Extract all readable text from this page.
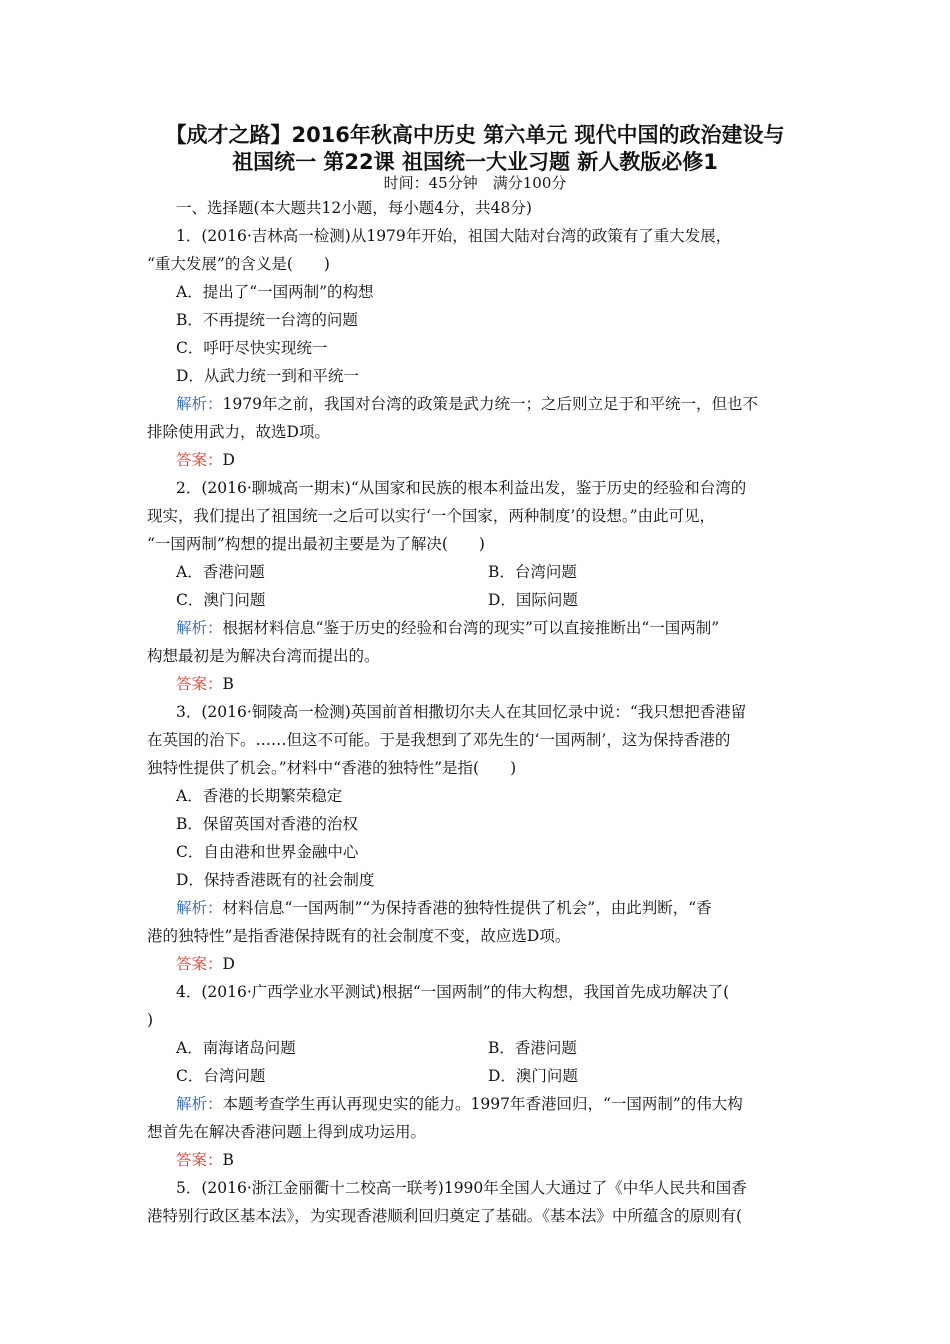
【成才之路】2016年秋高中历史 第六单元 现代中国的政治建设与
祖国统一 第22课 祖国统一大业习题 新人教版必修1
时间：45分钟　满分100分
一、选择题(本大题共12小题，每小题4分，共48分)
1．(2016·吉林高一检测)从1979年开始，祖国大陆对台湾的政策有了重大发展，
“重大发展”的含义是(　　)
A．提出了“一国两制”的构想
B．不再提统一台湾的问题
C．呼吁尽快实现统一
D．从武力统一到和平统一
解析：1979年之前，我国对台湾的政策是武力统一；之后则立足于和平统一，但也不
排除使用武力，故选D项。
答案：D
2．(2016·聊城高一期末)“从国家和民族的根本利益出发，鉴于历史的经验和台湾的
现实，我们提出了祖国统一之后可以实行‘一个国家，两种制度’的设想。”由此可见，
“一国两制”构想的提出最初主要是为了解决(　　)
A．香港问题	B．台湾问题
C．澳门问题	D．国际问题
解析：根据材料信息“鉴于历史的经验和台湾的现实”可以直接推断出“一国两制”
构想最初是为解决台湾而提出的。
答案：B
3．(2016·铜陵高一检测)英国前首相撒切尔夫人在其回忆录中说：“我只想把香港留
在英国的治下。……但这不可能。于是我想到了邓先生的‘一国两制’，这为保持香港的
独特性提供了机会。”材料中“香港的独特性”是指(　　)
A．香港的长期繁荣稳定
B．保留英国对香港的治权
C．自由港和世界金融中心
D．保持香港既有的社会制度
解析：材料信息“一国两制”“为保持香港的独特性提供了机会”，由此判断，“香
港的独特性”是指香港保持既有的社会制度不变，故应选D项。
答案：D
4．(2016·广西学业水平测试)根据“一国两制”的伟大构想，我国首先成功解决了(
)
A．南海诸岛问题	B．香港问题
C．台湾问题	D．澳门问题
解析：本题考查学生再认再现史实的能力。1997年香港回归，“一国两制”的伟大构
想首先在解决香港问题上得到成功运用。
答案：B
5．(2016·浙江金丽衢十二校高一联考)1990年全国人大通过了《中华人民共和国香
港特别行政区基本法》，为实现香港顺利回归奠定了基础。《基本法》中所蕴含的原则有(
